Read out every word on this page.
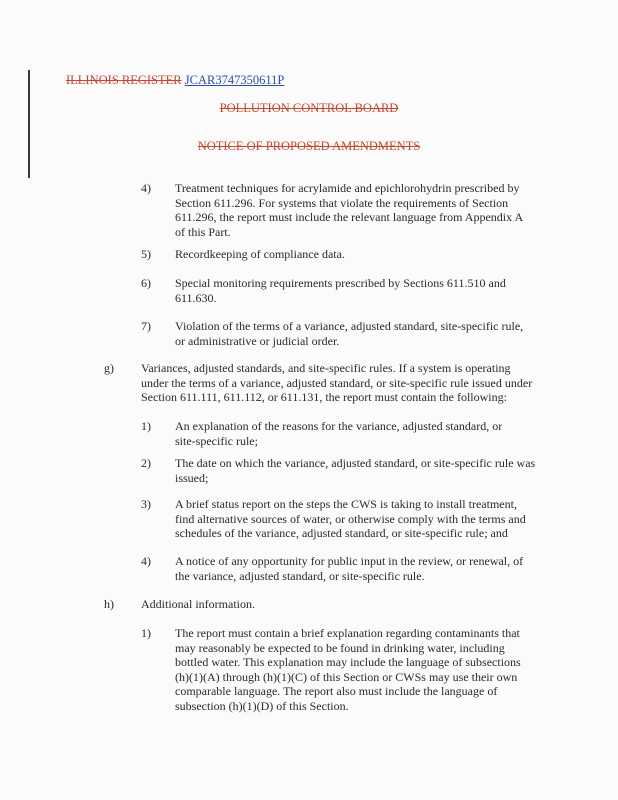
ILLINOIS REGISTER JCAR3747350611P
POLLUTION CONTROL BOARD
NOTICE OF PROPOSED AMENDMENTS
4) Treatment techniques for acrylamide and epichlorohydrin prescribed by Section 611.296. For systems that violate the requirements of Section 611.296, the report must include the relevant language from Appendix A of this Part.
5) Recordkeeping of compliance data.
6) Special monitoring requirements prescribed by Sections 611.510 and 611.630.
7) Violation of the terms of a variance, adjusted standard, site-specific rule, or administrative or judicial order.
g) Variances, adjusted standards, and site-specific rules. If a system is operating under the terms of a variance, adjusted standard, or site-specific rule issued under Section 611.111, 611.112, or 611.131, the report must contain the following:
1) An explanation of the reasons for the variance, adjusted standard, or site-specific rule;
2) The date on which the variance, adjusted standard, or site-specific rule was issued;
3) A brief status report on the steps the CWS is taking to install treatment, find alternative sources of water, or otherwise comply with the terms and schedules of the variance, adjusted standard, or site-specific rule; and
4) A notice of any opportunity for public input in the review, or renewal, of the variance, adjusted standard, or site-specific rule.
h) Additional information.
1) The report must contain a brief explanation regarding contaminants that may reasonably be expected to be found in drinking water, including bottled water. This explanation may include the language of subsections (h)(1)(A) through (h)(1)(C) of this Section or CWSs may use their own comparable language. The report also must include the language of subsection (h)(1)(D) of this Section.
